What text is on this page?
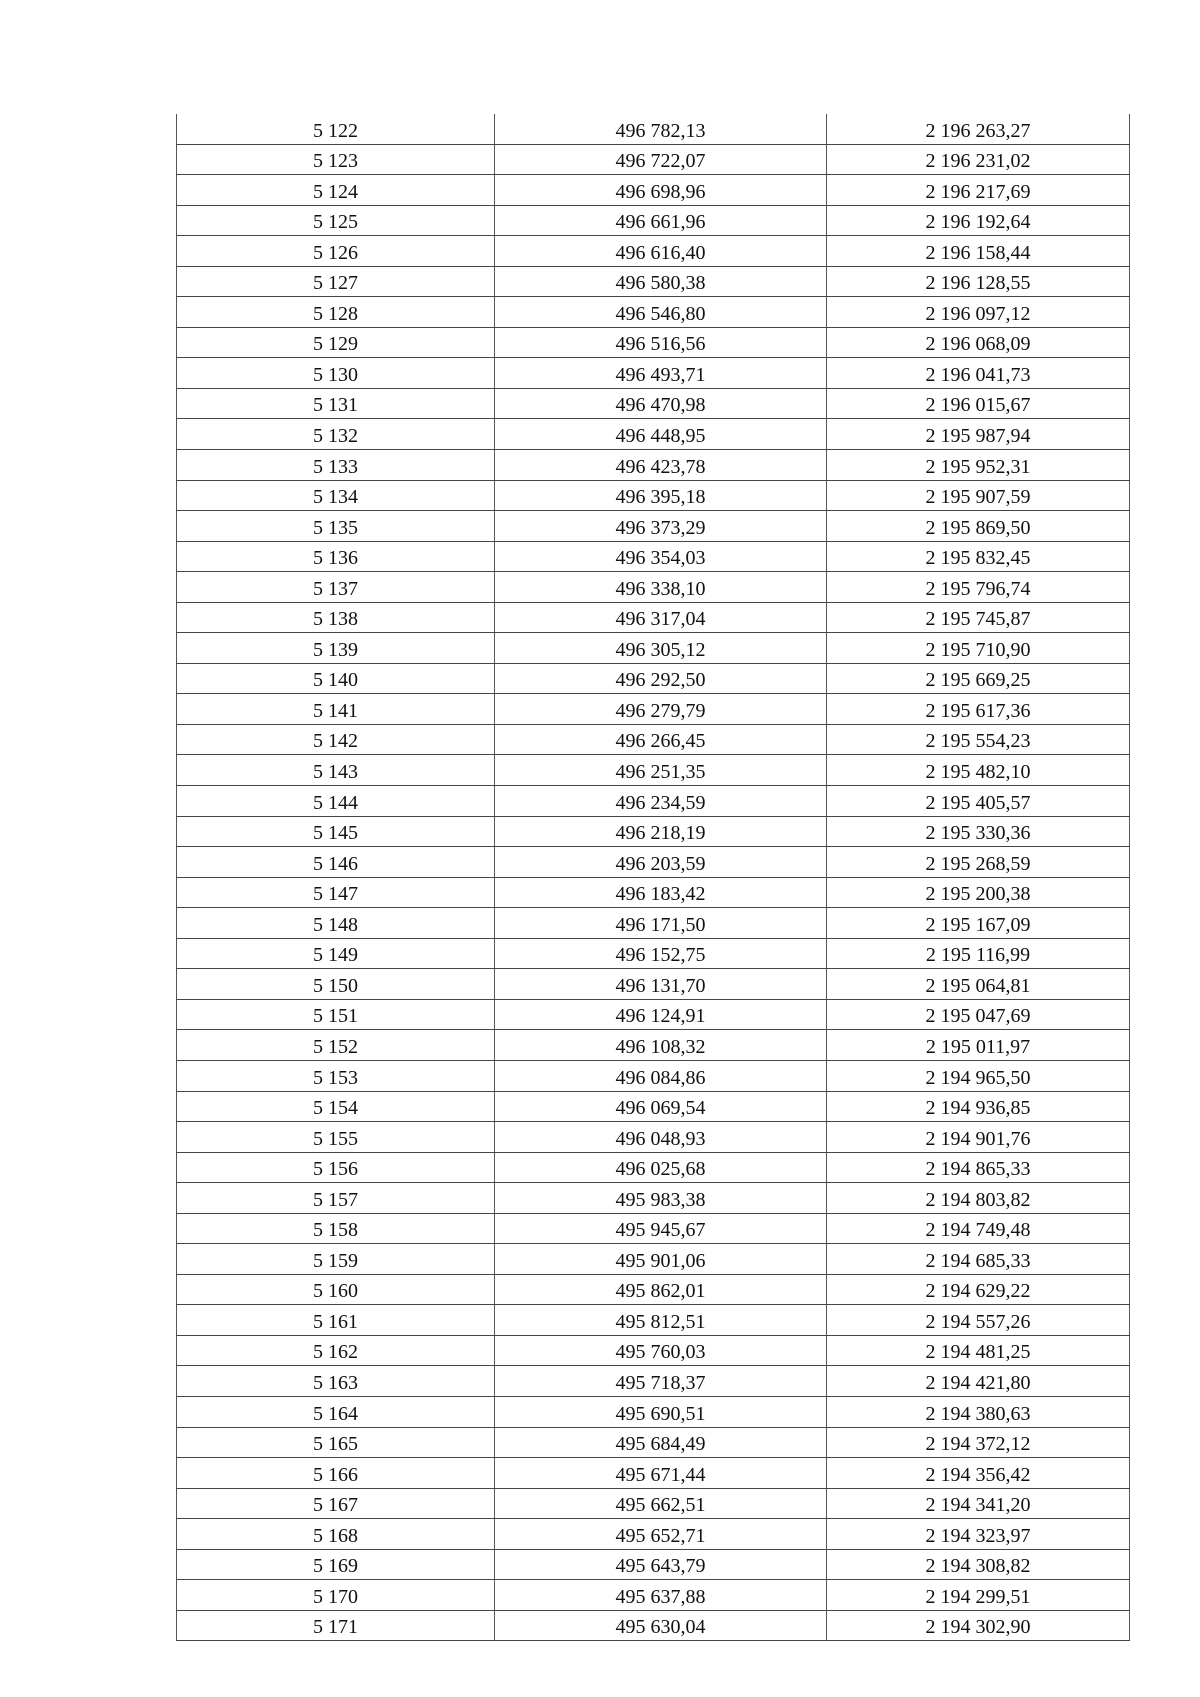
5 122	496 782,13	2 196 263,27
5 123	496 722,07	2 196 231,02
5 124	496 698,96	2 196 217,69
5 125	496 661,96	2 196 192,64
5 126	496 616,40	2 196 158,44
5 127	496 580,38	2 196 128,55
5 128	496 546,80	2 196 097,12
5 129	496 516,56	2 196 068,09
5 130	496 493,71	2 196 041,73
5 131	496 470,98	2 196 015,67
5 132	496 448,95	2 195 987,94
5 133	496 423,78	2 195 952,31
5 134	496 395,18	2 195 907,59
5 135	496 373,29	2 195 869,50
5 136	496 354,03	2 195 832,45
5 137	496 338,10	2 195 796,74
5 138	496 317,04	2 195 745,87
5 139	496 305,12	2 195 710,90
5 140	496 292,50	2 195 669,25
5 141	496 279,79	2 195 617,36
5 142	496 266,45	2 195 554,23
5 143	496 251,35	2 195 482,10
5 144	496 234,59	2 195 405,57
5 145	496 218,19	2 195 330,36
5 146	496 203,59	2 195 268,59
5 147	496 183,42	2 195 200,38
5 148	496 171,50	2 195 167,09
5 149	496 152,75	2 195 116,99
5 150	496 131,70	2 195 064,81
5 151	496 124,91	2 195 047,69
5 152	496 108,32	2 195 011,97
5 153	496 084,86	2 194 965,50
5 154	496 069,54	2 194 936,85
5 155	496 048,93	2 194 901,76
5 156	496 025,68	2 194 865,33
5 157	495 983,38	2 194 803,82
5 158	495 945,67	2 194 749,48
5 159	495 901,06	2 194 685,33
5 160	495 862,01	2 194 629,22
5 161	495 812,51	2 194 557,26
5 162	495 760,03	2 194 481,25
5 163	495 718,37	2 194 421,80
5 164	495 690,51	2 194 380,63
5 165	495 684,49	2 194 372,12
5 166	495 671,44	2 194 356,42
5 167	495 662,51	2 194 341,20
5 168	495 652,71	2 194 323,97
5 169	495 643,79	2 194 308,82
5 170	495 637,88	2 194 299,51
5 171	495 630,04	2 194 302,90
